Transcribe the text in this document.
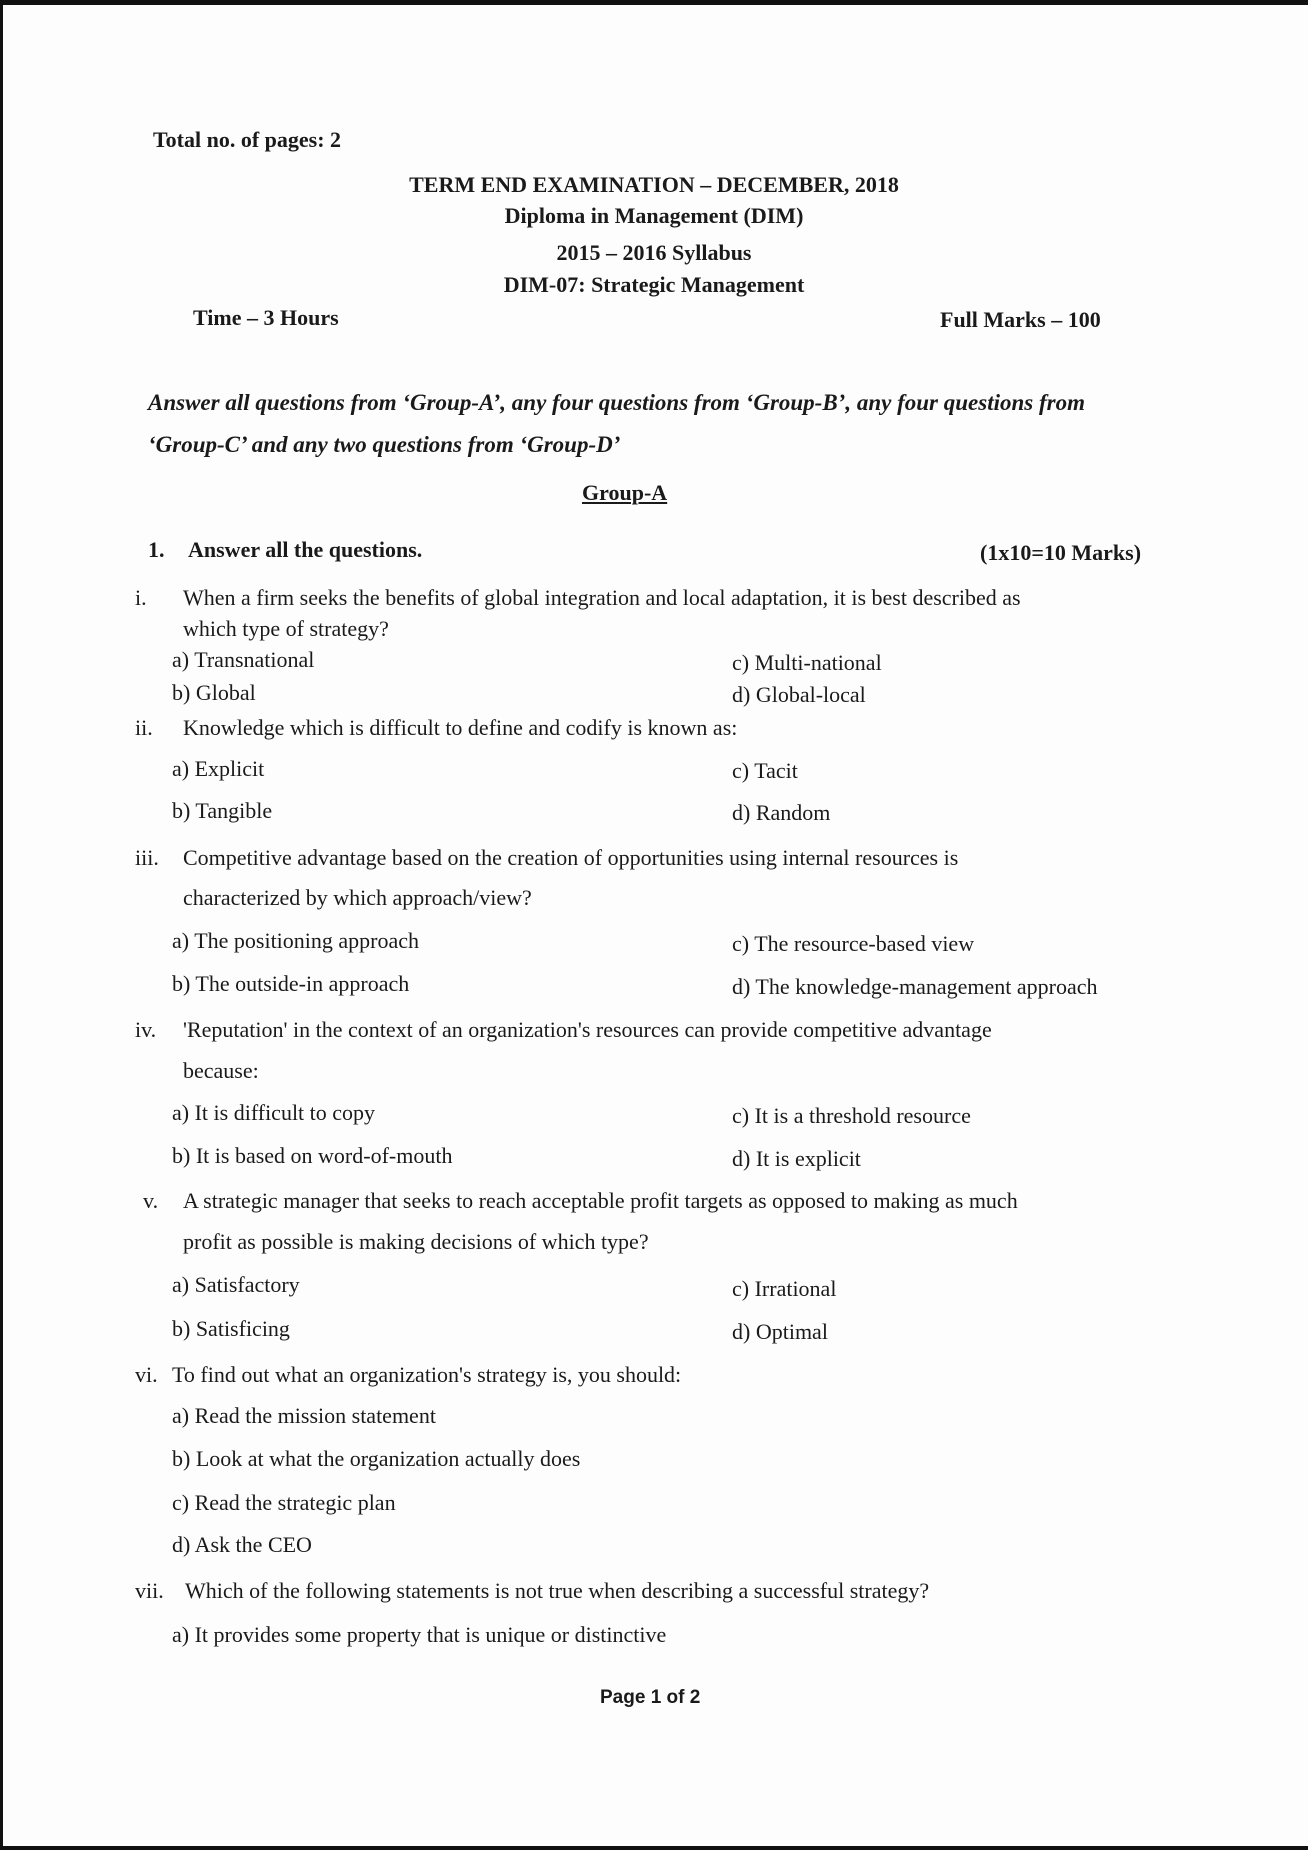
Total no. of pages: 2
TERM END EXAMINATION – DECEMBER, 2018
Diploma in Management (DIM)
2015 – 2016 Syllabus
DIM-07: Strategic Management
Time – 3 Hours	Full Marks – 100
Answer all questions from ‘Group-A’, any four questions from ‘Group-B’, any four questions from
‘Group-C’ and any two questions from ‘Group-D’
Group-A
1. Answer all the questions.	(1x10=10 Marks)
i. When a firm seeks the benefits of global integration and local adaptation, it is best described as
which type of strategy?
a) Transnational
b) Global
c) Multi-national
d) Global-local
ii. Knowledge which is difficult to define and codify is known as:
a) Explicit
b) Tangible
c) Tacit
d) Random
iii. Competitive advantage based on the creation of opportunities using internal resources is
characterized by which approach/view?
a) The positioning approach
b) The outside-in approach
c) The resource-based view
d) The knowledge-management approach
iv. 'Reputation' in the context of an organization's resources can provide competitive advantage
because:
a) It is difficult to copy
b) It is based on word-of-mouth
c) It is a threshold resource
d) It is explicit
v. A strategic manager that seeks to reach acceptable profit targets as opposed to making as much
profit as possible is making decisions of which type?
a) Satisfactory
b) Satisficing
c) Irrational
d) Optimal
vi. To find out what an organization's strategy is, you should:
a) Read the mission statement
b) Look at what the organization actually does
c) Read the strategic plan
d) Ask the CEO
vii. Which of the following statements is not true when describing a successful strategy?
a) It provides some property that is unique or distinctive
Page 1 of 2
